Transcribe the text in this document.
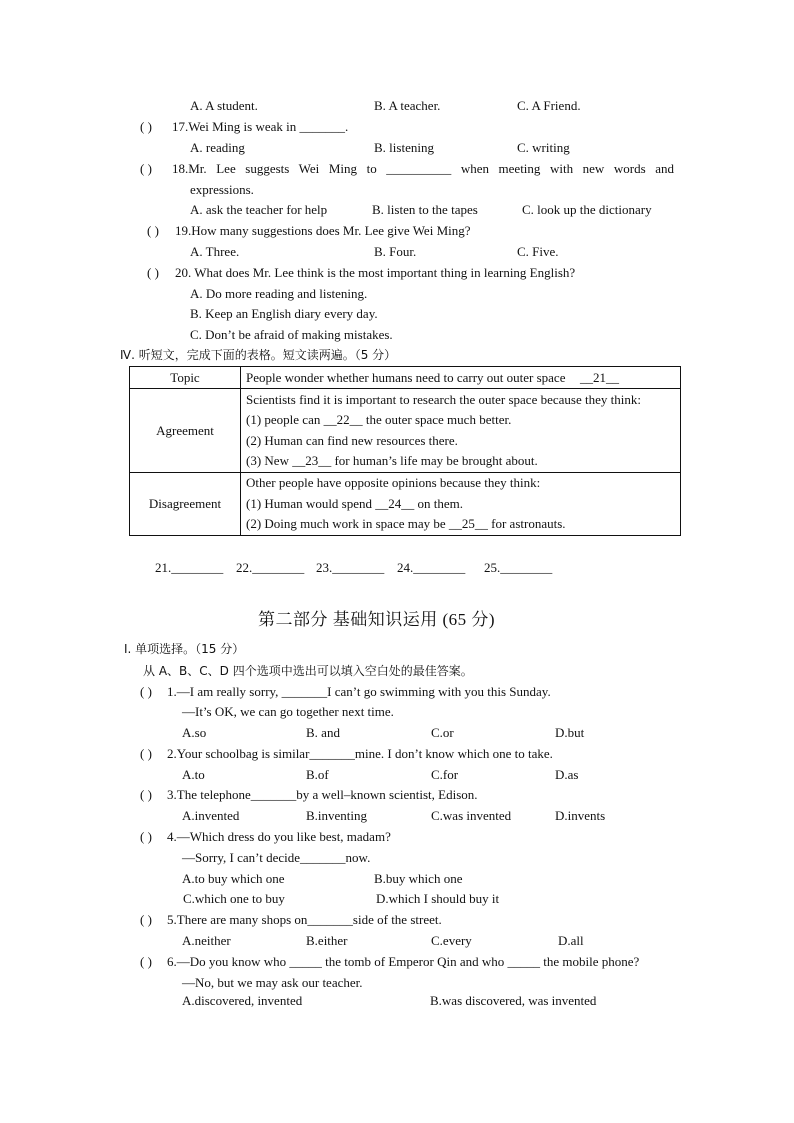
A. A student.	B. A teacher.	C. A Friend.
( ) 17.Wei Ming is weak in _______.
A. reading	B. listening	C. writing
( ) 18.Mr. Lee suggests Wei Ming to __________ when meeting with new words and
expressions.
A. ask the teacher for help	B. listen to the tapes	C. look up the dictionary
( ) 19.How many suggestions does Mr. Lee give Wei Ming?
A. Three.	B. Four.	C. Five.
( ) 20. What does Mr. Lee think is the most important thing in learning English?
A. Do more reading and listening.
B. Keep an English diary every day.
C. Don’t be afraid of making mistakes.
Ⅳ. 听短文，完成下面的表格。短文读两遍。（5 分）
Topic	People wonder whether humans need to carry out outer space __21__
Agreement	Scientists find it is important to research the outer space because they think:
(1) people can __22__ the outer space much better.
(2) Human can find new resources there.
(3) New __23__ for human’s life may be brought about.

Disagreement	Other people have opposite opinions because they think:
(1) Human would spend __24__ on them.
(2) Doing much work in space may be __25__ for astronauts.
21.________ 22.________ 23.________ 24.________ 25.________
第二部分 基础知识运用 (65 分)
Ⅰ. 单项选择。（15 分）
从 A、B、C、D 四个选项中选出可以填入空白处的最佳答案。
( ) 1.—I am really sorry, _______I can’t go swimming with you this Sunday.
—It’s OK, we can go together next time.
A.so	B. and	C.or	D.but
( ) 2.Your schoolbag is similar_______mine. I don’t know which one to take.
A.to	B.of	C.for	D.as
( ) 3.The telephone_______by a well–known scientist, Edison.
A.invented	B.inventing	C.was invented	D.invents
( ) 4.—Which dress do you like best, madam?
—Sorry, I can’t decide_______now.
A.to buy which one	B.buy which one
C.which one to buy	D.which I should buy it
( ) 5.There are many shops on_______side of the street.
A.neither	B.either	C.every	D.all
( ) 6.—Do you know who _____ the tomb of Emperor Qin and who _____ the mobile phone?
—No, but we may ask our teacher.
A.discovered, invented	B.was discovered, was invented
